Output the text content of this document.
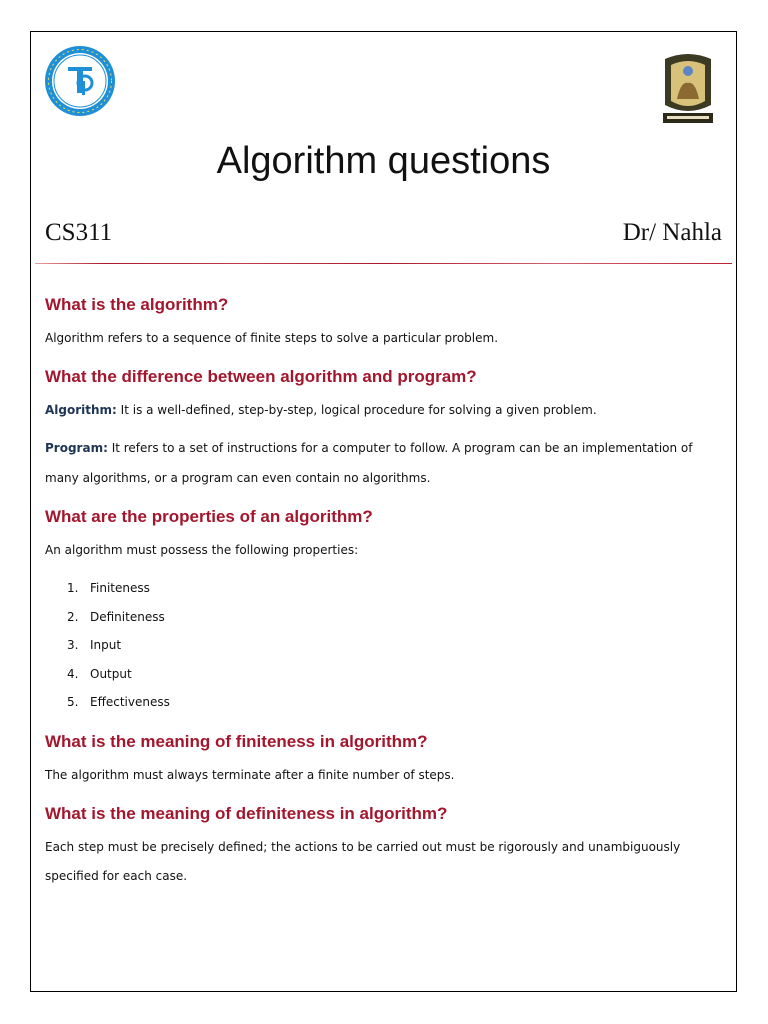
Algorithm questions
CS311	Dr/ Nahla
What is the algorithm?

Algorithm refers to a sequence of finite steps to solve a particular problem.

What the difference between algorithm and program?

Algorithm: It is a well-defined, step-by-step, logical procedure for solving a given problem.

Program: It refers to a set of instructions for a computer to follow. A program can be an implementation of

many algorithms, or a program can even contain no algorithms.

What are the properties of an algorithm?

An algorithm must possess the following properties:

1. Finiteness

2. Definiteness

3. Input

4. Output

5. Effectiveness

What is the meaning of finiteness in algorithm?

The algorithm must always terminate after a finite number of steps.

What is the meaning of definiteness in algorithm?

Each step must be precisely defined; the actions to be carried out must be rigorously and unambiguously

specified for each case.
